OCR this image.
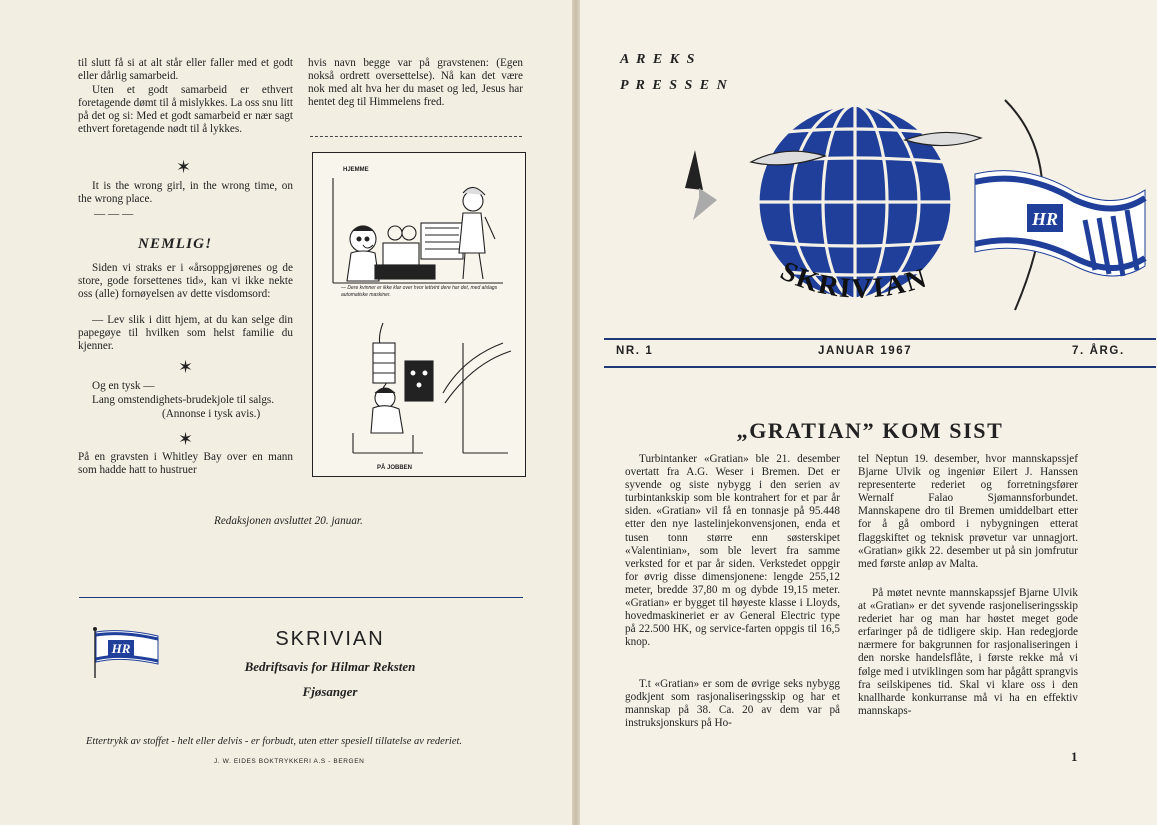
til slutt få si at alt står eller faller med et godt eller dårlig samarbeid.
Uten et godt samarbeid er ethvert foretagende dømt til å mislykkes. La oss snu litt på det og si: Med et godt samarbeid er nær sagt ethvert foretagende nødt til å lykkes.
✶
It is the wrong girl, in the wrong time, on the wrong place.
— — —
NEMLIG!
Siden vi straks er i «årsoppgjørenes og de store, gode forsettenes tid», kan vi ikke nekte oss (alle) fornøyelsen av dette visdomsord:
— Lev slik i ditt hjem, at du kan selge din papegøye til hvilken som helst familie du kjenner.
✶
Og en tysk —
Lang omstendighets-brudekjole til salgs.
(Annonse i tysk avis.)
✶
På en gravsten i Whitley Bay over en mann som hadde hatt to hustruer
hvis navn begge var på gravstenen: (Egen nokså ordrett oversettelse). Nå kan det være nok med alt hva her du maset og led, Jesus har hentet deg til Himmelens fred.
HJEMME
— Dere kvinner er ikke klar over hvor lettvint dere har det, med alslags automatiske maskiner.
PÅ JOBBEN
Redaksjonen avsluttet 20. januar.
HR	SKRIVIAN
Bedriftsavis for Hilmar Reksten
Fjøsanger
Ettertrykk av stoffet - helt eller delvis - er forbudt, uten etter spesiell tillatelse av rederiet.
J. W. EIDES BOKTRYKKERI A.S - BERGEN
A R E K S
P R E S S E N
HR
SKRIVIAN
NR. 1	JANUAR 1967	7. ÅRG.
„GRATIAN” KOM SIST
Turbintanker «Gratian» ble 21. desember overtatt fra A.G. Weser i Bremen. Det er syvende og siste nybygg i den serien av turbintankskip som ble kontrahert for et par år siden. «Gratian» vil få en tonnasje på 95.448 etter den nye lastelinjekonvensjonen, enda et tusen tonn større enn søsterskipet «Valentinian», som ble levert fra samme verksted for et par år siden. Verkstedet oppgir for øvrig disse dimensjonene: lengde 255,12 meter, bredde 37,80 m og dybde 19,15 meter. «Gratian» er bygget til høyeste klasse i Lloyds, hovedmaskineriet er av General Electric type på 22.500 HK, og service-farten oppgis til 16,5 knop.
T.t «Gratian» er som de øvrige seks nybygg godkjent som rasjonaliseringsskip og har et mannskap på 38. Ca. 20 av dem var på instruksjonskurs på Ho-
tel Neptun 19. desember, hvor mannskapssjef Bjarne Ulvik og ingeniør Eilert J. Hanssen representerte rederiet og forretningsfører Wernalf Falao Sjømannsforbundet. Mannskapene dro til Bremen umiddelbart etter for å gå ombord i nybygningen etterat flaggskiftet og teknisk prøvetur var unnagjort. «Gratian» gikk 22. desember ut på sin jomfrutur med første anløp av Malta.
På møtet nevnte mannskapssjef Bjarne Ulvik at «Gratian» er det syvende rasjoneliseringsskip rederiet har og man har høstet meget gode erfaringer på de tidligere skip. Han redegjorde nærmere for bakgrunnen for rasjonaliseringen i den norske handelsflåte, i første rekke må vi følge med i utviklingen som har pågått sprangvis fra seilskipenes tid. Skal vi klare oss i den knallharde konkurranse må vi ha en effektiv mannskaps-
1
